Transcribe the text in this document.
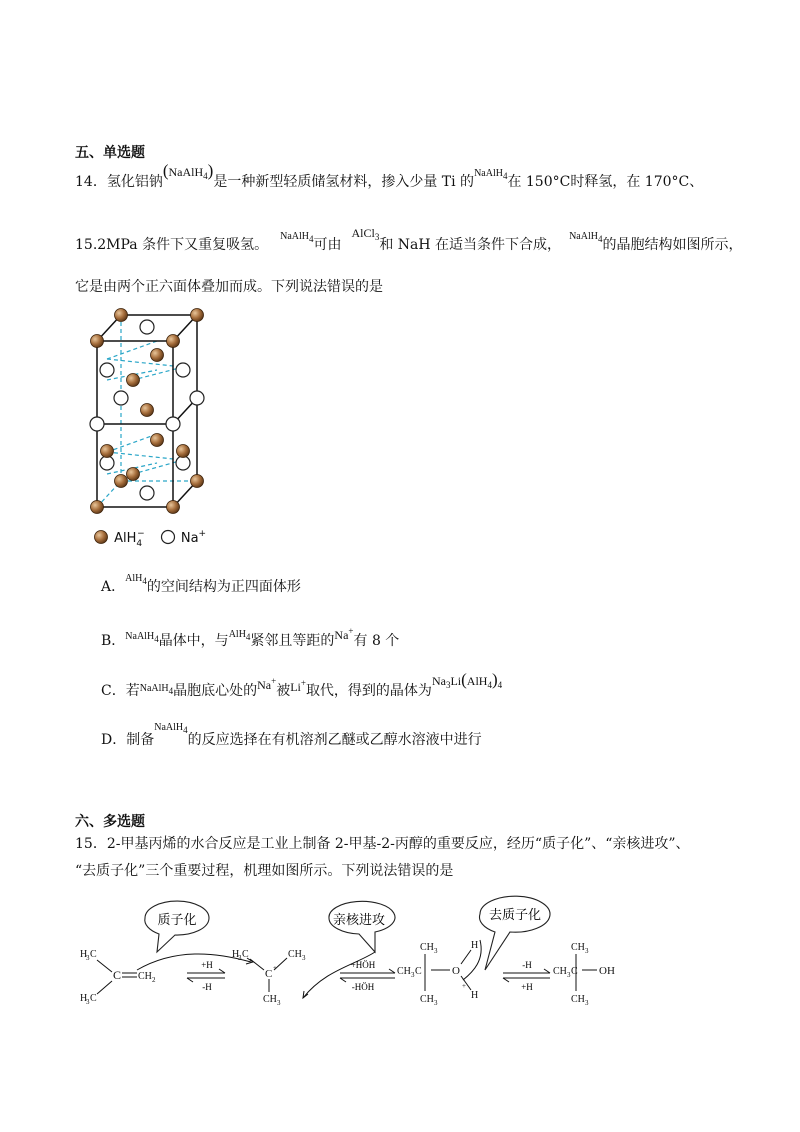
五、单选题
14．氢化铝钠(NaAlH$^4$)是一种新型轻质储氢材料，掺入少量 Ti 的$^{NaAlH4}$在 150°C时释氢，在 170°C、
15.2MPa 条件下又重复吸氢。$^{NaAlH4}$可由AlCl$^3$和 NaH 在适当条件下合成，$^{NaAlH4}$的晶胞结构如图所示，
它是由两个正六面体叠加而成。下列说法错误的是
AlH$_4$−	Na+
A．$^{AlH4}$的空间结构为正四面体形
B．$^{NaAlH4}$晶体中，与$^{AlH4}$紧邻且等距的Na+有 8 个
C．若$^{NaAlH}_4$晶胞底心处的Na+被Li+取代，得到的晶体为$Na^3Li(AlH^4)^4$
D．制备$^{NaAlH4}$的反应选择在有机溶剂乙醚或乙醇水溶液中进行
六、多选题
15．2-甲基丙烯的水合反应是工业上制备 2-甲基-2-丙醇的重要反应，经历“质子化”、“亲核进攻”、
“去质子化”三个重要过程，机理如图所示。下列说法错误的是
质子化	亲核进攻	去质子化
H
3 C
C
H
3 C
CH 2
+H
-H
H
3 C	CH 3
C +
CH 3
+HÖH
-HÖH
CH 3
CH 3 C
CH 3
O
+
H
H
-H
+H
CH 3
CH 3 C
CH 3
OH
